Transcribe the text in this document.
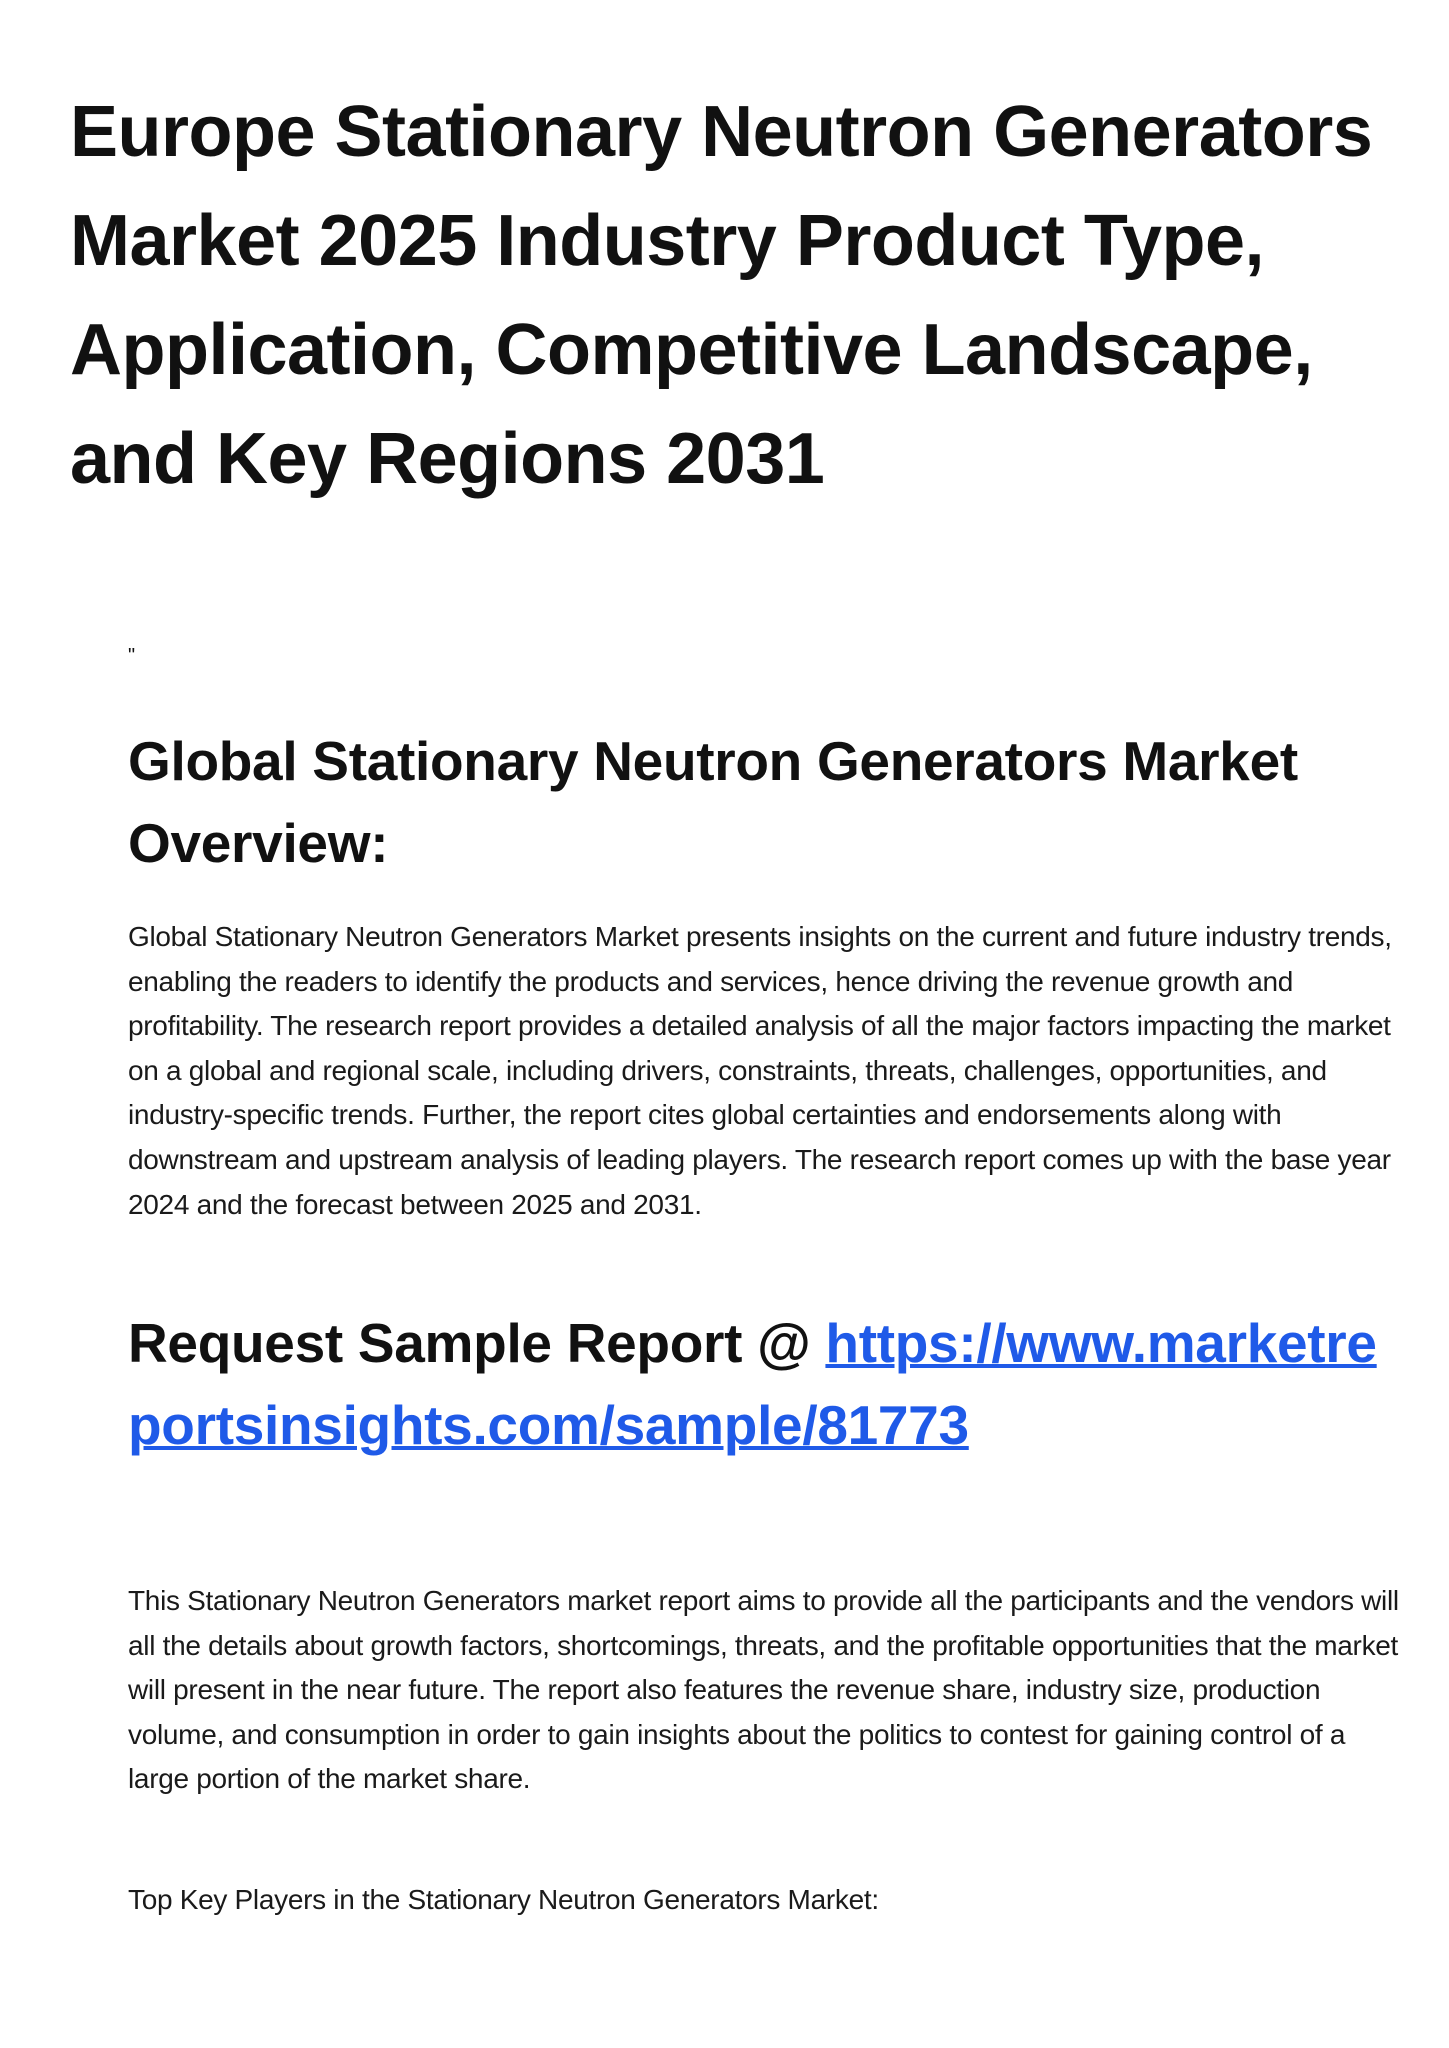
Europe Stationary Neutron Generators Market 2025 Industry Product Type, Application, Competitive Landscape, and Key Regions 2031

"

Global Stationary Neutron Generators Market Overview:

Global Stationary Neutron Generators Market presents insights on the current and future industry trends, enabling the readers to identify the products and services, hence driving the revenue growth and profitability. The research report provides a detailed analysis of all the major factors impacting the market on a global and regional scale, including drivers, constraints, threats, challenges, opportunities, and industry-specific trends. Further, the report cites global certainties and endorsements along with downstream and upstream analysis of leading players. The research report comes up with the base year 2024 and the forecast between 2025 and 2031.

Request Sample Report @ https://www.marketreportsinsights.com/sample/81773

This Stationary Neutron Generators market report aims to provide all the participants and the vendors will all the details about growth factors, shortcomings, threats, and the profitable opportunities that the market will present in the near future. The report also features the revenue share, industry size, production volume, and consumption in order to gain insights about the politics to contest for gaining control of a large portion of the market share.

Top Key Players in the Stationary Neutron Generators Market:
